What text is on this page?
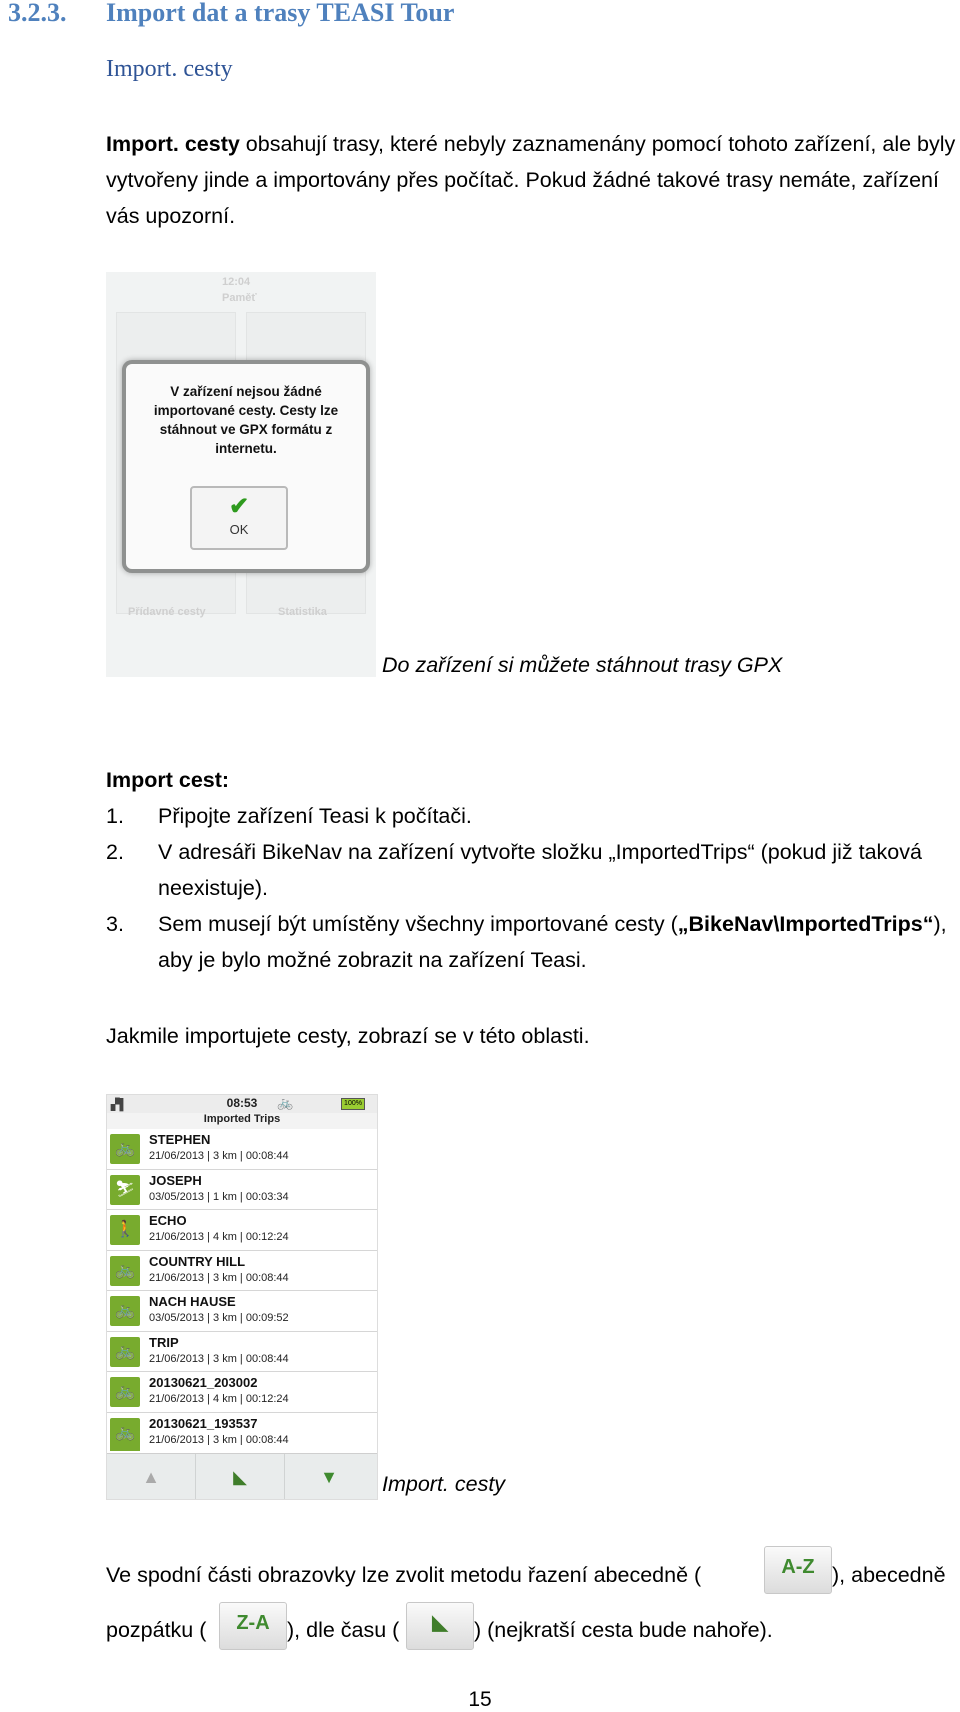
3.2.3. Import dat a trasy TEASI Tour
Import. cesty
Import. cesty obsahují trasy, které nebyly zaznamenány pomocí tohoto zařízení, ale byly vytvořeny jinde a importovány přes počítač. Pokud žádné takové trasy nemáte, zařízení vás upozorní.
12:04
Paměť
Přídavné cesty	Statistika
V zařízení nejsou žádné importované cesty. Cesty lze stáhnout ve GPX formátu z internetu.
✔
OK
Do zařízení si můžete stáhnout trasy GPX
Import cest:
1. Připojte zařízení Teasi k počítači.
2. V adresáři BikeNav na zařízení vytvořte složku „ImportedTrips“ (pokud již taková neexistuje).
3. Sem musejí být umístěny všechny importované cesty („BikeNav\ImportedTrips“), aby je bylo možné zobrazit na zařízení Teasi.
Jakmile importujete cesty, zobrazí se v této oblasti.
▞▌	08:53	🚲	100%
Imported Trips
🚲
STEPHEN
21/06/2013 | 3 km | 00:08:44
⛷
JOSEPH
03/05/2013 | 1 km | 00:03:34
🚶
ECHO
21/06/2013 | 4 km | 00:12:24
🚲
COUNTRY HILL
21/06/2013 | 3 km | 00:08:44
🚲
NACH HAUSE
03/05/2013 | 3 km | 00:09:52
🚲
TRIP
21/06/2013 | 3 km | 00:08:44
🚲
20130621_203002
21/06/2013 | 4 km | 00:12:24
🚲
20130621_193537
21/06/2013 | 3 km | 00:08:44
▲	◣	▼	Import. cesty
Ve spodní části obrazovky lze zvolit metodu řazení abecedně (	A-Z ), abecedně
pozpátku (	Z-A ), dle času (	◣	) (nejkratší cesta bude nahoře).
15
